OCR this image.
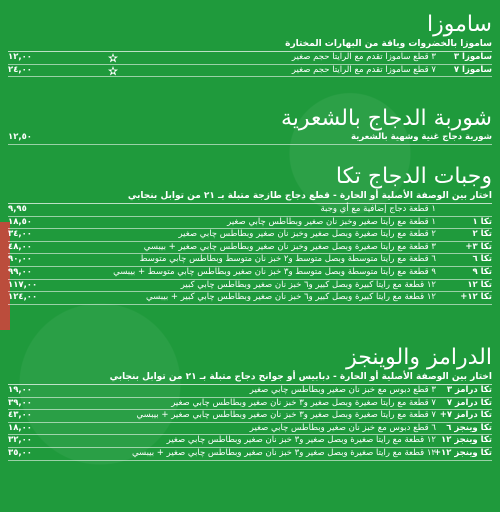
ساموزا
ساموزا بالخضروات وباقة من البهارات المختارة
ساموزا ٣
٣ قطع ساموزا تقدم مع الرايتا حجم صغير
١٢,٠٠
ساموزا ٧
٧ قطع ساموزا تقدم مع الرايتا حجم صغير
٢٤,٠٠
شوربة الدجاج بالشعرية
شوربة دجاج غنية وشهية بالشعرية
١٢,٥٠
وجبات الدجاج تكا
اختار بين الوصفة الأصلية أو الحارة - قطع دجاج طازجة متبلة بـ ٢١ من توابل بنجابي
١ قطعة دجاج إضافية مع أي وجبة
٩,٩٥
تكا ١
١ قطعة مع رايتا صغير وخبز نان صغير وبطاطس چابي صغير
١٨,٥٠
تكا ٢
٢ قطعة مع رايتا صغيرة وبصل صغير وخبز نان صغير وبطاطس چابي صغير
٣٤,٠٠
تكا ٣+
٣ قطعة مع رايتا صغيرة وبصل صغير وخبز نان صغير وبطاطس چابي صغير + بيبسي
٤٨,٠٠
تكا ٦
٦ قطعة مع رايتا متوسطة وبصل متوسط و٢ خبز نان متوسط وبطاطس چابي متوسط
٩٠,٠٠
تكا ٩
٩ قطعة مع رايتا متوسطة وبصل متوسط و٣ خبز نان صغير وبطاطس چابي متوسط + بيبسي
٩٩,٠٠
تكا ١٢
١٢ قطعة مع رايتا كبيرة وبصل كبير و٦ خبز نان صغير وبطاطس چابي كبير
١١٧,٠٠
تكا ١٢+
١٢ قطعة مع رايتا كبيرة وبصل كبير و٦ خبز نان صغير وبطاطس چابي كبير + بيبسي
١٢٤,٠٠
الدرامز والوينجز
اختار بين الوصفة الأصلية أو الحارة - دبابيس أو جوانح دجاج متبلة بـ ٢١ من توابل بنجابي
تكا درامز ٣
٣ قطع دبوس مع خبز نان صغير وبطاطس چابي صغير
١٩,٠٠
تكا درامز ٧
٧ قطعة مع رايتا صغيرة وبصل صغير و٣ خبز نان صغير وبطاطس چابي صغير
٣٩,٠٠
تكا درامز ٧+
٧ قطعة مع رايتا صغيرة وبصل صغير و٣ خبز نان صغير وبطاطس چابي صغير + بيبسي
٤٣,٠٠
تكا وينجز ٦
٦ قطع دبوس مع خبز نان صغير وبطاطس چابي صغير
١٨,٠٠
تكا وينجز ١٢
١٢ قطعة مع رايتا صغيرة وبصل صغير و٣ خبز نان صغير وبطاطس چابي صغير
٣٢,٠٠
تكا وينجز ١٢+
١٢ قطعة مع رايتا صغيرة وبصل صغير و٣ خبز نان صغير وبطاطس چابي صغير + بيبسي
٣٥,٠٠
